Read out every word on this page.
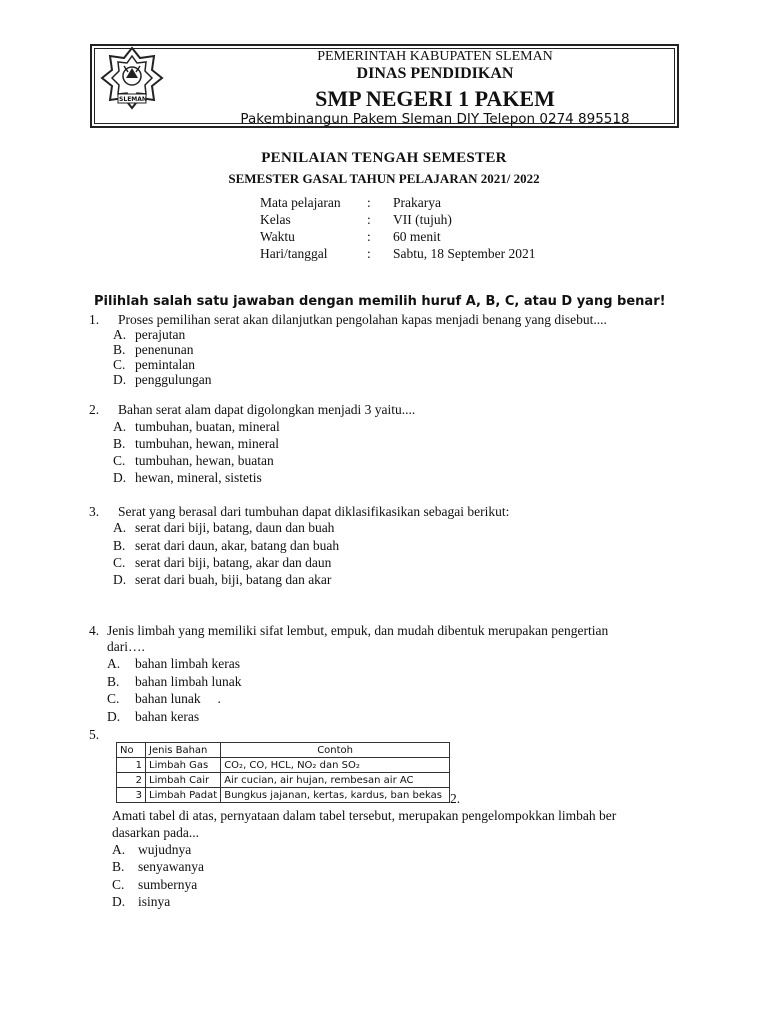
SLEMAN
PEMERINTAH KABUPATEN SLEMAN
DINAS PENDIDIKAN
SMP NEGERI 1 PAKEM
Pakembinangun Pakem Sleman DIY Telepon 0274 895518
PENILAIAN TENGAH SEMESTER
SEMESTER GASAL TAHUN PELAJARAN 2021/ 2022
Mata pelajaran : Prakarya
Kelas	: VII (tujuh)
Waktu	: 60 menit
Hari/tanggal	: Sabtu, 18 September 2021
Pilihlah salah satu jawaban dengan memilih huruf A, B, C, atau D yang benar!
1. Proses pemilihan serat akan dilanjutkan pengolahan kapas menjadi benang yang disebut....
A. perajutan
B. penenunan
C. pemintalan
D. penggulungan
2. Bahan serat alam dapat digolongkan menjadi 3 yaitu....
A. tumbuhan, buatan, mineral
B. tumbuhan, hewan, mineral
C. tumbuhan, hewan, buatan
D. hewan, mineral, sistetis
3. Serat yang berasal dari tumbuhan dapat diklasifikasikan sebagai berikut:
A. serat dari biji, batang, daun dan buah
B. serat dari daun, akar, batang dan buah
C. serat dari biji, batang, akar dan daun
D. serat dari buah, biji, batang dan akar
4. Jenis limbah yang memiliki sifat lembut, empuk, dan mudah dibentuk merupakan pengertian
dari….
A. bahan limbah keras
B. bahan limbah lunak
C. bahan lunak     .
D. bahan keras
5.
No	Jenis Bahan	Contoh
1	Limbah Gas	CO₂, CO, HCL, NO₂ dan SO₂
2	Limbah Cair	Air cucian, air hujan, rembesan air AC
3	Limbah Padat	Bungkus jajanan, kertas, kardus, ban bekas 2.
Amati tabel di atas, pernyataan dalam tabel tersebut, merupakan pengelompokkan limbah ber
dasarkan pada...
A. wujudnya
B. senyawanya
C. sumbernya
D. isinya
